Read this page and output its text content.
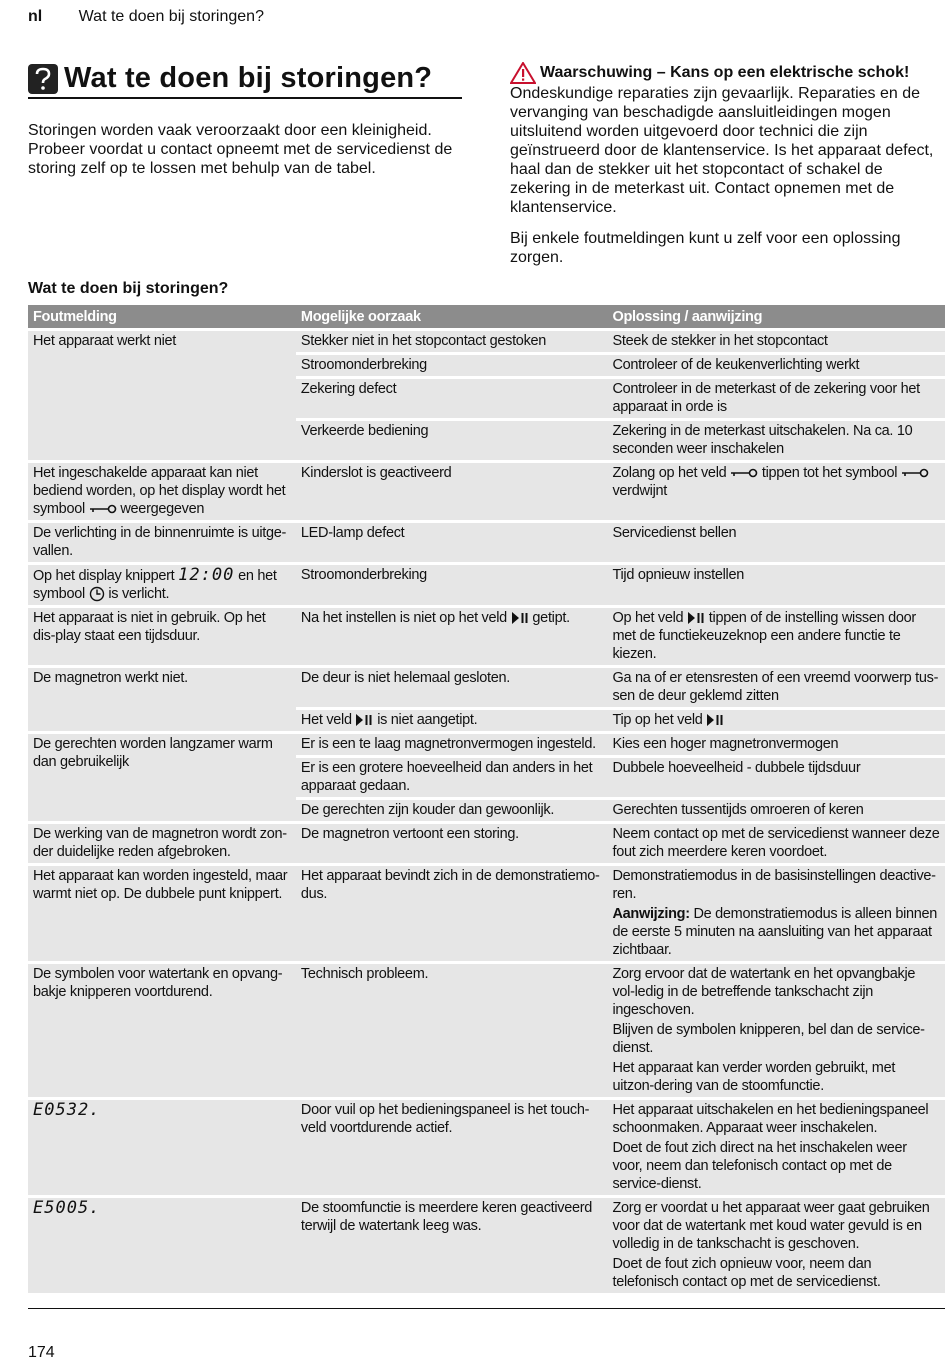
nl Wat te doen bij storingen?
Wat te doen bij storingen?
Storingen worden vaak veroorzaakt door een kleinigheid. Probeer voordat u contact opneemt met de servicedienst de storing zelf op te lossen met behulp van de tabel.
Waarschuwing – Kans op een elektrische schok!
Ondeskundige reparaties zijn gevaarlijk. Reparaties en de vervanging van beschadigde aansluitleidingen mogen uitsluitend worden uitgevoerd door technici die zijn geïnstrueerd door de klantenservice. Is het apparaat defect, haal dan de stekker uit het stopcontact of schakel de zekering in de meterkast uit. Contact opnemen met de klantenservice.
Bij enkele foutmeldingen kunt u zelf voor een oplossing zorgen.
Wat te doen bij storingen?
Foutmelding	Mogelijke oorzaak	Oplossing / aanwijzing
Het apparaat werkt niet	Stekker niet in het stopcontact gestoken	Steek de stekker in het stopcontact
	Stroomonderbreking	Controleer of de keukenverlichting werkt
	Zekering defect	Controleer in de meterkast of de zekering voor het apparaat in orde is
	Verkeerde bediening	Zekering in de meterkast uitschakelen. Na ca. 10 seconden weer inschakelen
Het ingeschakelde apparaat kan niet bediend worden, op het display wordt het symbool weergegeven	Kinderslot is geactiveerd	Zolang op het veld tippen tot het symbool  verdwijnt
De verlichting in de binnenruimte is uitge-vallen.	LED-lamp defect	Servicedienst bellen
Op het display knippert 12:00 en het symbool is verlicht.	Stroomonderbreking	Tijd opnieuw instellen
Het apparaat is niet in gebruik. Op het dis-play staat een tijdsduur.	Na het instellen is niet op het veld getipt.	Op het veld tippen of de instelling wissen door met de functiekeuzeknop een andere functie te kiezen.
De magnetron werkt niet.	De deur is niet helemaal gesloten.	Ga na of er etensresten of een vreemd voorwerp tus-sen de deur geklemd zitten
	Het veld is niet aangetipt.	Tip op het veld
De gerechten worden langzamer warm dan gebruikelijk	Er is een te laag magnetronvermogen ingesteld.	Kies een hoger magnetronvermogen
	Er is een grotere hoeveelheid dan anders in het apparaat gedaan.	Dubbele hoeveelheid - dubbele tijdsduur
	De gerechten zijn kouder dan gewoonlijk.	Gerechten tussentijds omroeren of keren
De werking van de magnetron wordt zon-der duidelijke reden afgebroken.	De magnetron vertoont een storing.	Neem contact op met de servicedienst wanneer deze fout zich meerdere keren voordoet.
Het apparaat kan worden ingesteld, maar warmt niet op. De dubbele punt knippert.	Het apparaat bevindt zich in de demonstratiemo-dus.	Demonstratiemodus in de basisinstellingen deactive-ren.
Aanwijzing: De demonstratiemodus is alleen binnen de eerste 5 minuten na aansluiting van het apparaat zichtbaar.

De symbolen voor watertank en opvang-bakje knipperen voortdurend.	Technisch probleem.	Zorg ervoor dat de watertank en het opvangbakje vol-ledig in de betreffende tankschacht zijn ingeschoven.
Blijven de symbolen knipperen, bel dan de service-dienst.
Het apparaat kan verder worden gebruikt, met uitzon-dering van de stoomfunctie.

E0532.	Door vuil op het bedieningspaneel is het touch-veld voortdurende actief.	Het apparaat uitschakelen en het bedieningspaneel schoonmaken. Apparaat weer inschakelen.
Doet de fout zich direct na het inschakelen weer voor, neem dan telefonisch contact op met de service-dienst.

E5005.	De stoomfunctie is meerdere keren geactiveerd terwijl de watertank leeg was.	Zorg er voordat u het apparaat weer gaat gebruiken voor dat de watertank met koud water gevuld is en volledig in de tankschacht is geschoven.
Doet de fout zich opnieuw voor, neem dan telefonisch contact op met de servicedienst.
174
